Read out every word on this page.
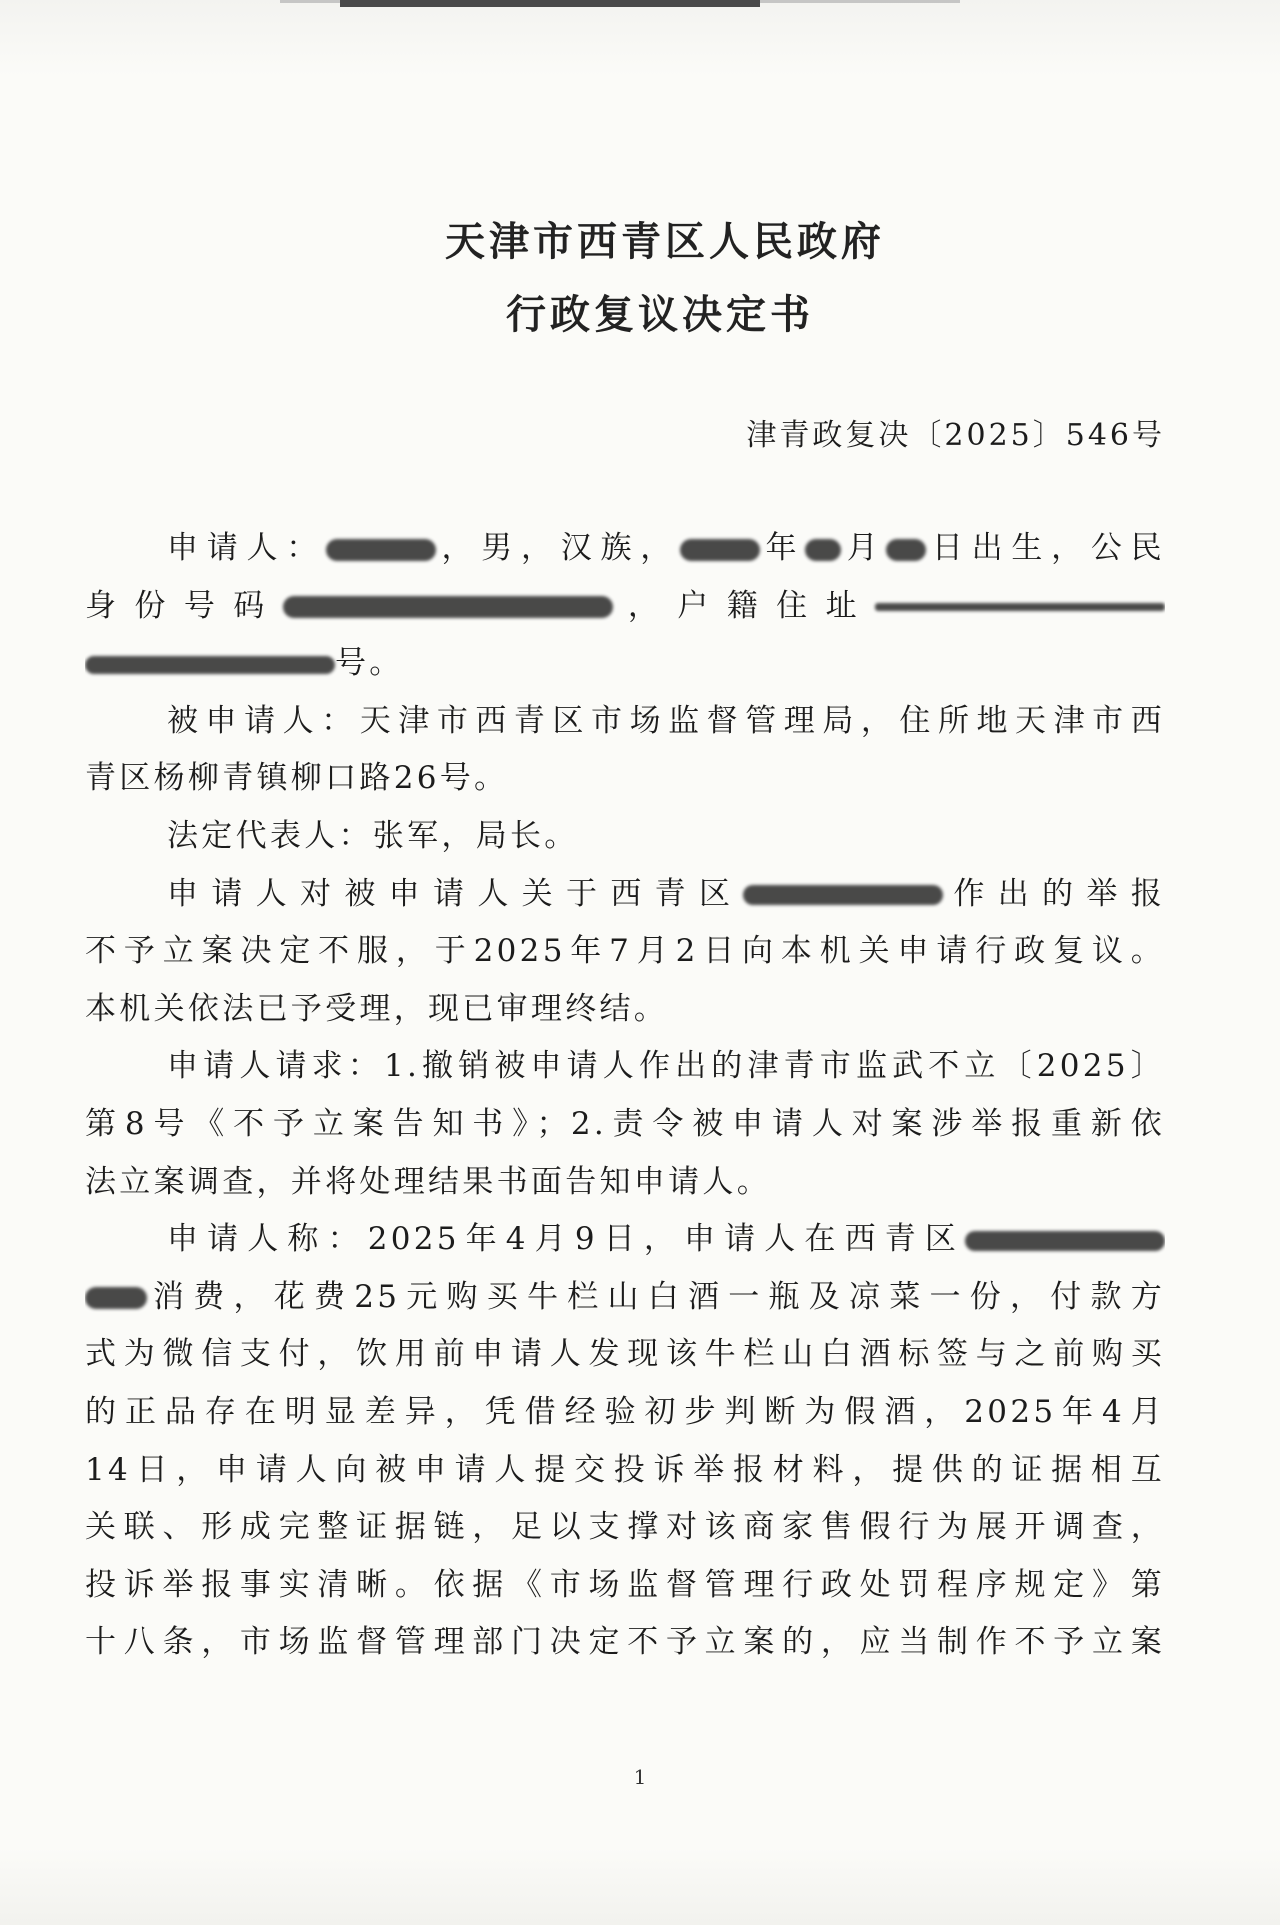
天津市西青区人民政府
行政复议决定书
津青政复决〔2025〕546号
申请人：	，男，汉族，	年 月 日出生，公民
身份号码	，户籍住址
号。
被申请人：天津市西青区市场监督管理局，住所地天津市西
青区杨柳青镇柳口路26号。
法定代表人：张军，局长。
申请人对被申请人关于西青区	作出的举报
不予立案决定不服，于2025年7月2日向本机关申请行政复议。
本机关依法已予受理，现已审理终结。
申请人请求：1.撤销被申请人作出的津青市监武不立〔2025〕
第8号《不予立案告知书》；2.责令被申请人对案涉举报重新依
法立案调查，并将处理结果书面告知申请人。
申请人称：2025年4月9日，申请人在西青区
消费，花费25元购买牛栏山白酒一瓶及凉菜一份，付款方
式为微信支付，饮用前申请人发现该牛栏山白酒标签与之前购买
的正品存在明显差异，凭借经验初步判断为假酒，2025年4月
14日，申请人向被申请人提交投诉举报材料，提供的证据相互
关联、形成完整证据链，足以支撑对该商家售假行为展开调查，
投诉举报事实清晰。依据《市场监督管理行政处罚程序规定》第
十八条，市场监督管理部门决定不予立案的，应当制作不予立案
1
